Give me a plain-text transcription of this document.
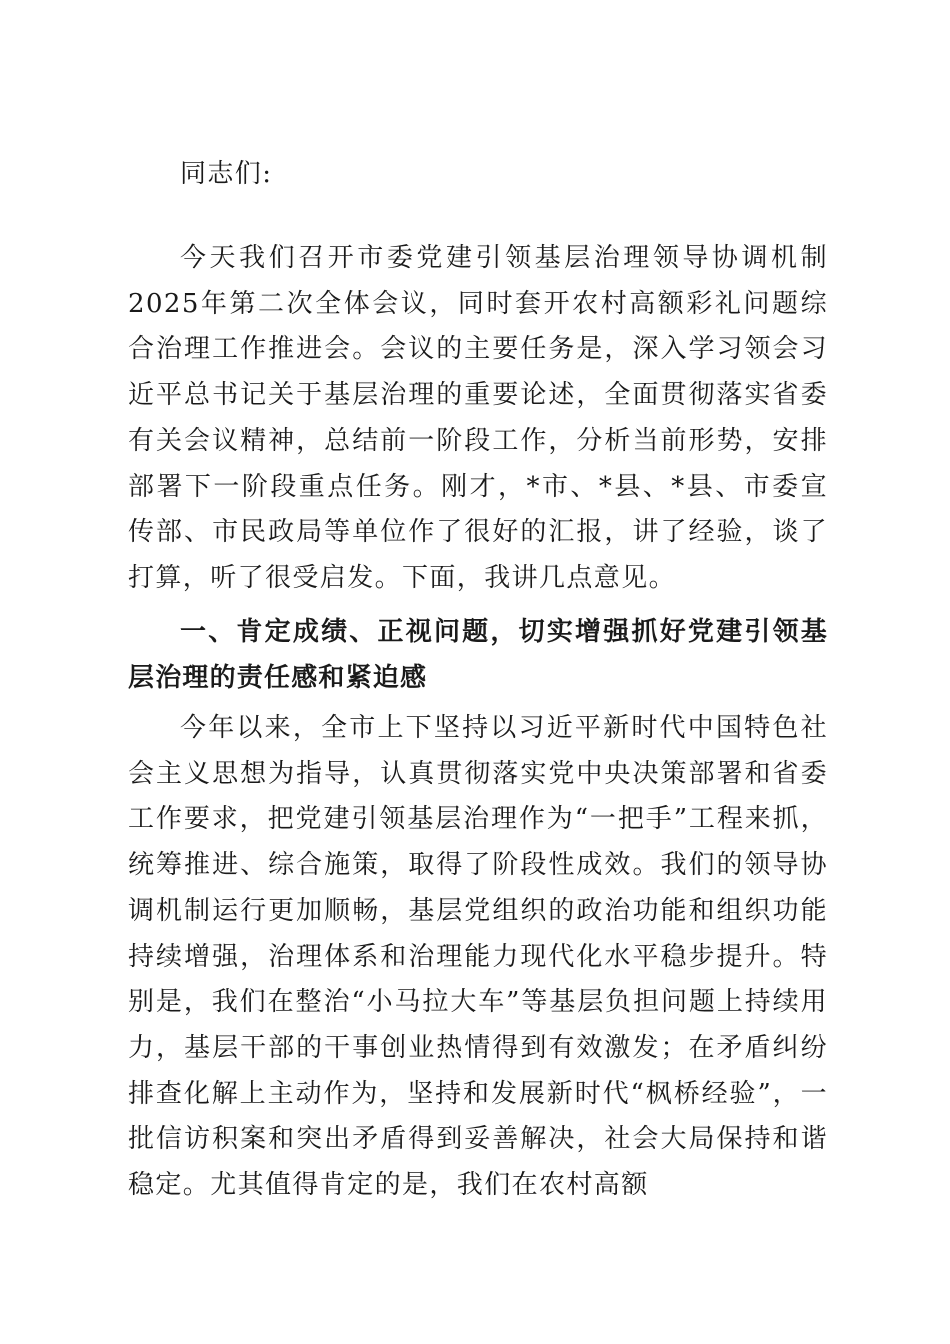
同志们:

今天我们召开市委党建引领基层治理领导协调机制2025年第二次全体会议，同时套开农村高额彩礼问题综合治理工作推进会。会议的主要任务是，深入学习领会习近平总书记关于基层治理的重要论述，全面贯彻落实省委有关会议精神，总结前一阶段工作，分析当前形势，安排部署下一阶段重点任务。刚才，*市、*县、*县、市委宣传部、市民政局等单位作了很好的汇报，讲了经验，谈了打算，听了很受启发。下面，我讲几点意见。

一、肯定成绩、正视问题，切实增强抓好党建引领基层治理的责任感和紧迫感

今年以来，全市上下坚持以习近平新时代中国特色社会主义思想为指导，认真贯彻落实党中央决策部署和省委工作要求，把党建引领基层治理作为“一把手”工程来抓，统筹推进、综合施策，取得了阶段性成效。我们的领导协调机制运行更加顺畅，基层党组织的政治功能和组织功能持续增强，治理体系和治理能力现代化水平稳步提升。特别是，我们在整治“小马拉大车”等基层负担问题上持续用力，基层干部的干事创业热情得到有效激发；在矛盾纠纷排查化解上主动作为，坚持和发展新时代“枫桥经验”，一批信访积案和突出矛盾得到妥善解决，社会大局保持和谐稳定。尤其值得肯定的是，我们在农村高额
